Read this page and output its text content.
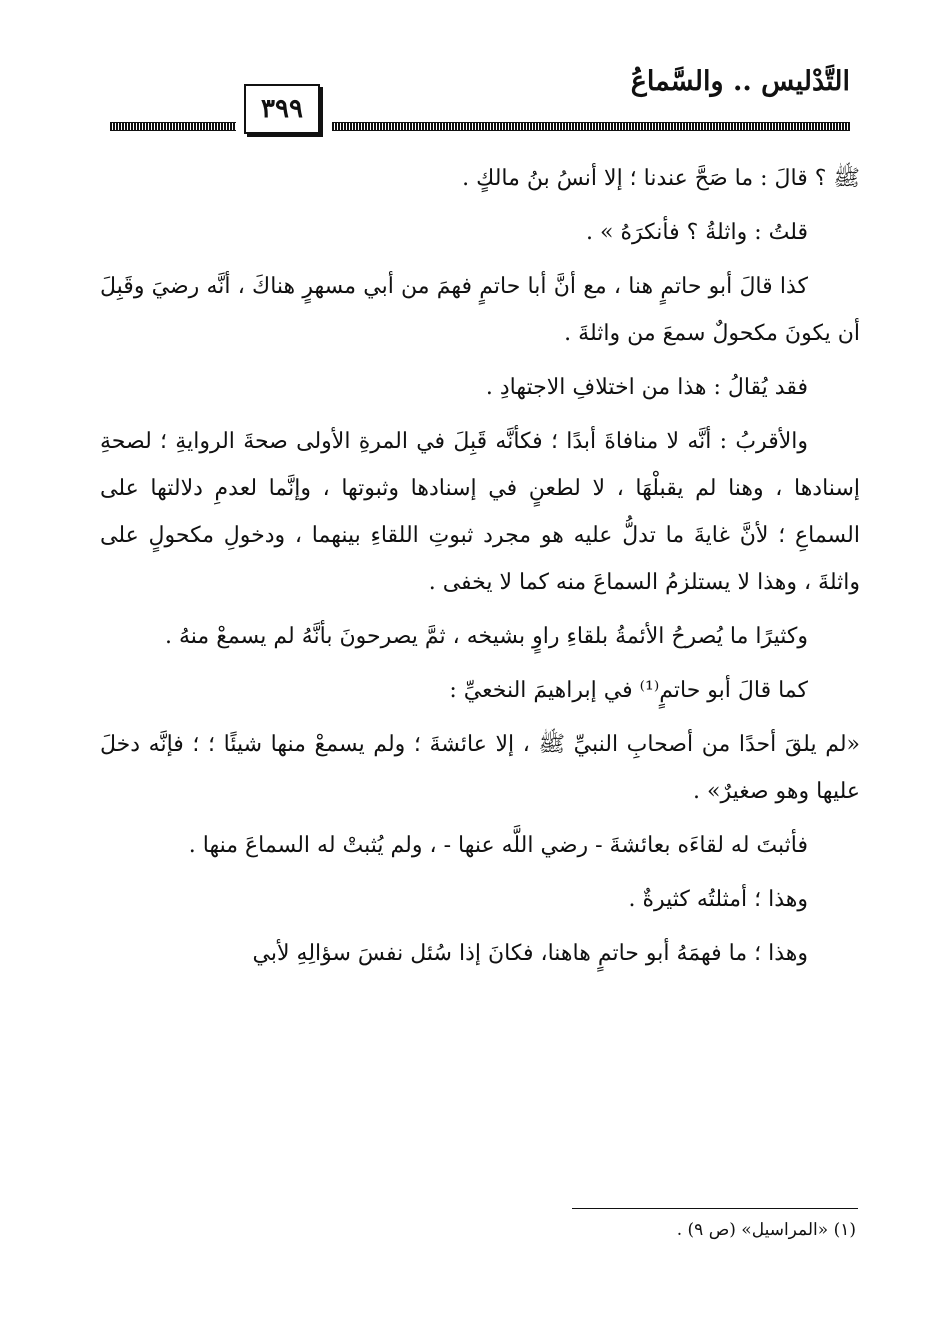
التَّدْليس .. والسَّماعُ
٣٩٩

ﷺ ؟ قالَ : ما صَحَّ عندنا ؛ إلا أنسُ بنُ مالكٍ .

قلتُ : واثلةُ ؟ فأنكرَهُ » .

كذا قالَ أبو حاتمٍ هنا ، مع أنَّ أبا حاتمٍ فهمَ من أبي مسهرٍ هناكَ ، أنَّه رضيَ وقَبِلَ أن يكونَ مكحولٌ سمعَ من واثلةَ .

فقد يُقالُ : هذا من اختلافِ الاجتهادِ .

والأقربُ : أنَّه لا منافاةَ أبدًا ؛ فكأنَّه قَبِلَ في المرةِ الأولى صحةَ الروايةِ ؛ لصحةِ إسنادها ، وهنا لم يقبلْهَا ، لا لطعنٍ في إسنادها وثبوتها ، وإنَّما لعدمِ دلالتها على السماعِ ؛ لأنَّ غايةَ ما تدلُّ عليه هو مجرد ثبوتِ اللقاءِ بينهما ، ودخولِ مكحولٍ على واثلةَ ، وهذا لا يستلزمُ السماعَ منه كما لا يخفى .

وكثيرًا ما يُصرحُ الأئمةُ بلقاءِ راوٍ بشيخه ، ثمَّ يصرحونَ بأنَّهُ لم يسمعْ منهُ .

كما قالَ أبو حاتمٍ⁽¹⁾ في إبراهيمَ النخعيِّ :

«لم يلقَ أحدًا من أصحابِ النبيِّ ﷺ ، إلا عائشةَ ؛ ولم يسمعْ منها شيئًا ؛ ؛ فإنَّه دخلَ عليها وهو صغيرٌ» .

فأثبتَ له لقاءَه بعائشةَ - رضي اللَّه عنها - ، ولم يُثبتْ له السماعَ منها .

وهذا ؛ أمثلتُه كثيرةٌ .

وهذا ؛ ما فهمَهُ أبو حاتمٍ هاهنا، فكانَ إذا سُئل نفسَ سؤالِهِ لأبي

(١) «المراسيل» (ص ٩) .
